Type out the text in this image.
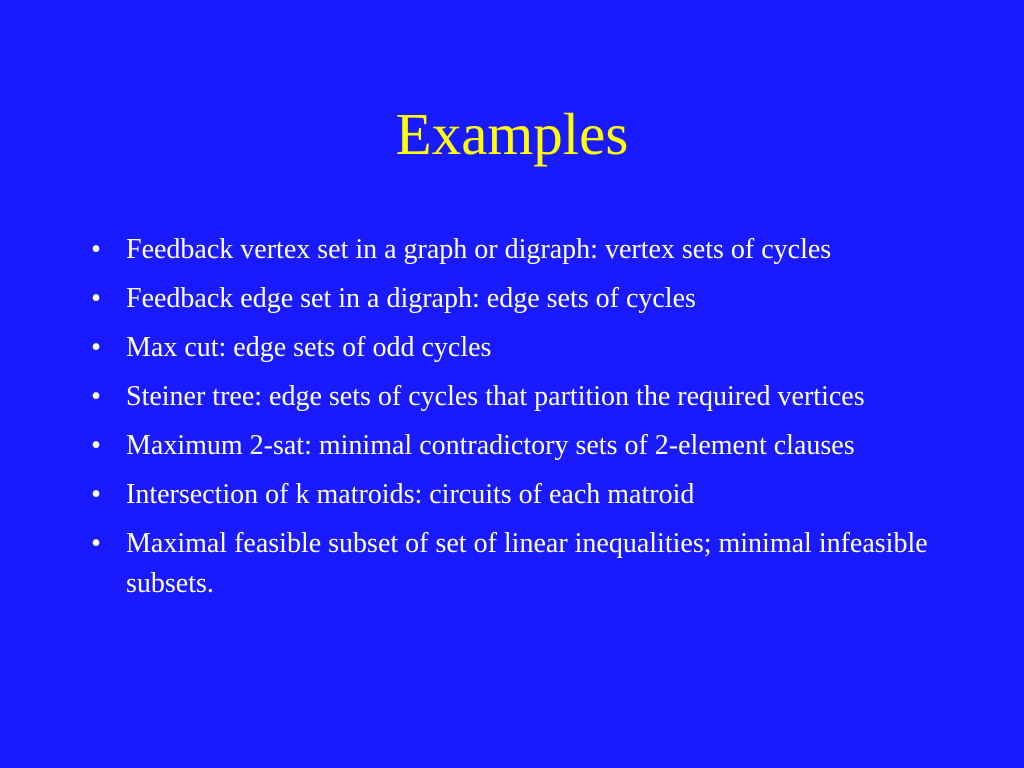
Examples
• Feedback vertex set in a graph or digraph: vertex sets of cycles
• Feedback edge set in a digraph: edge sets of cycles
• Max cut: edge sets of odd cycles
• Steiner tree: edge sets of cycles that partition the required vertices
• Maximum 2-sat: minimal contradictory sets of 2-element clauses
• Intersection of k matroids: circuits of each matroid
• Maximal feasible subset of set of linear inequalities; minimal infeasible subsets.
